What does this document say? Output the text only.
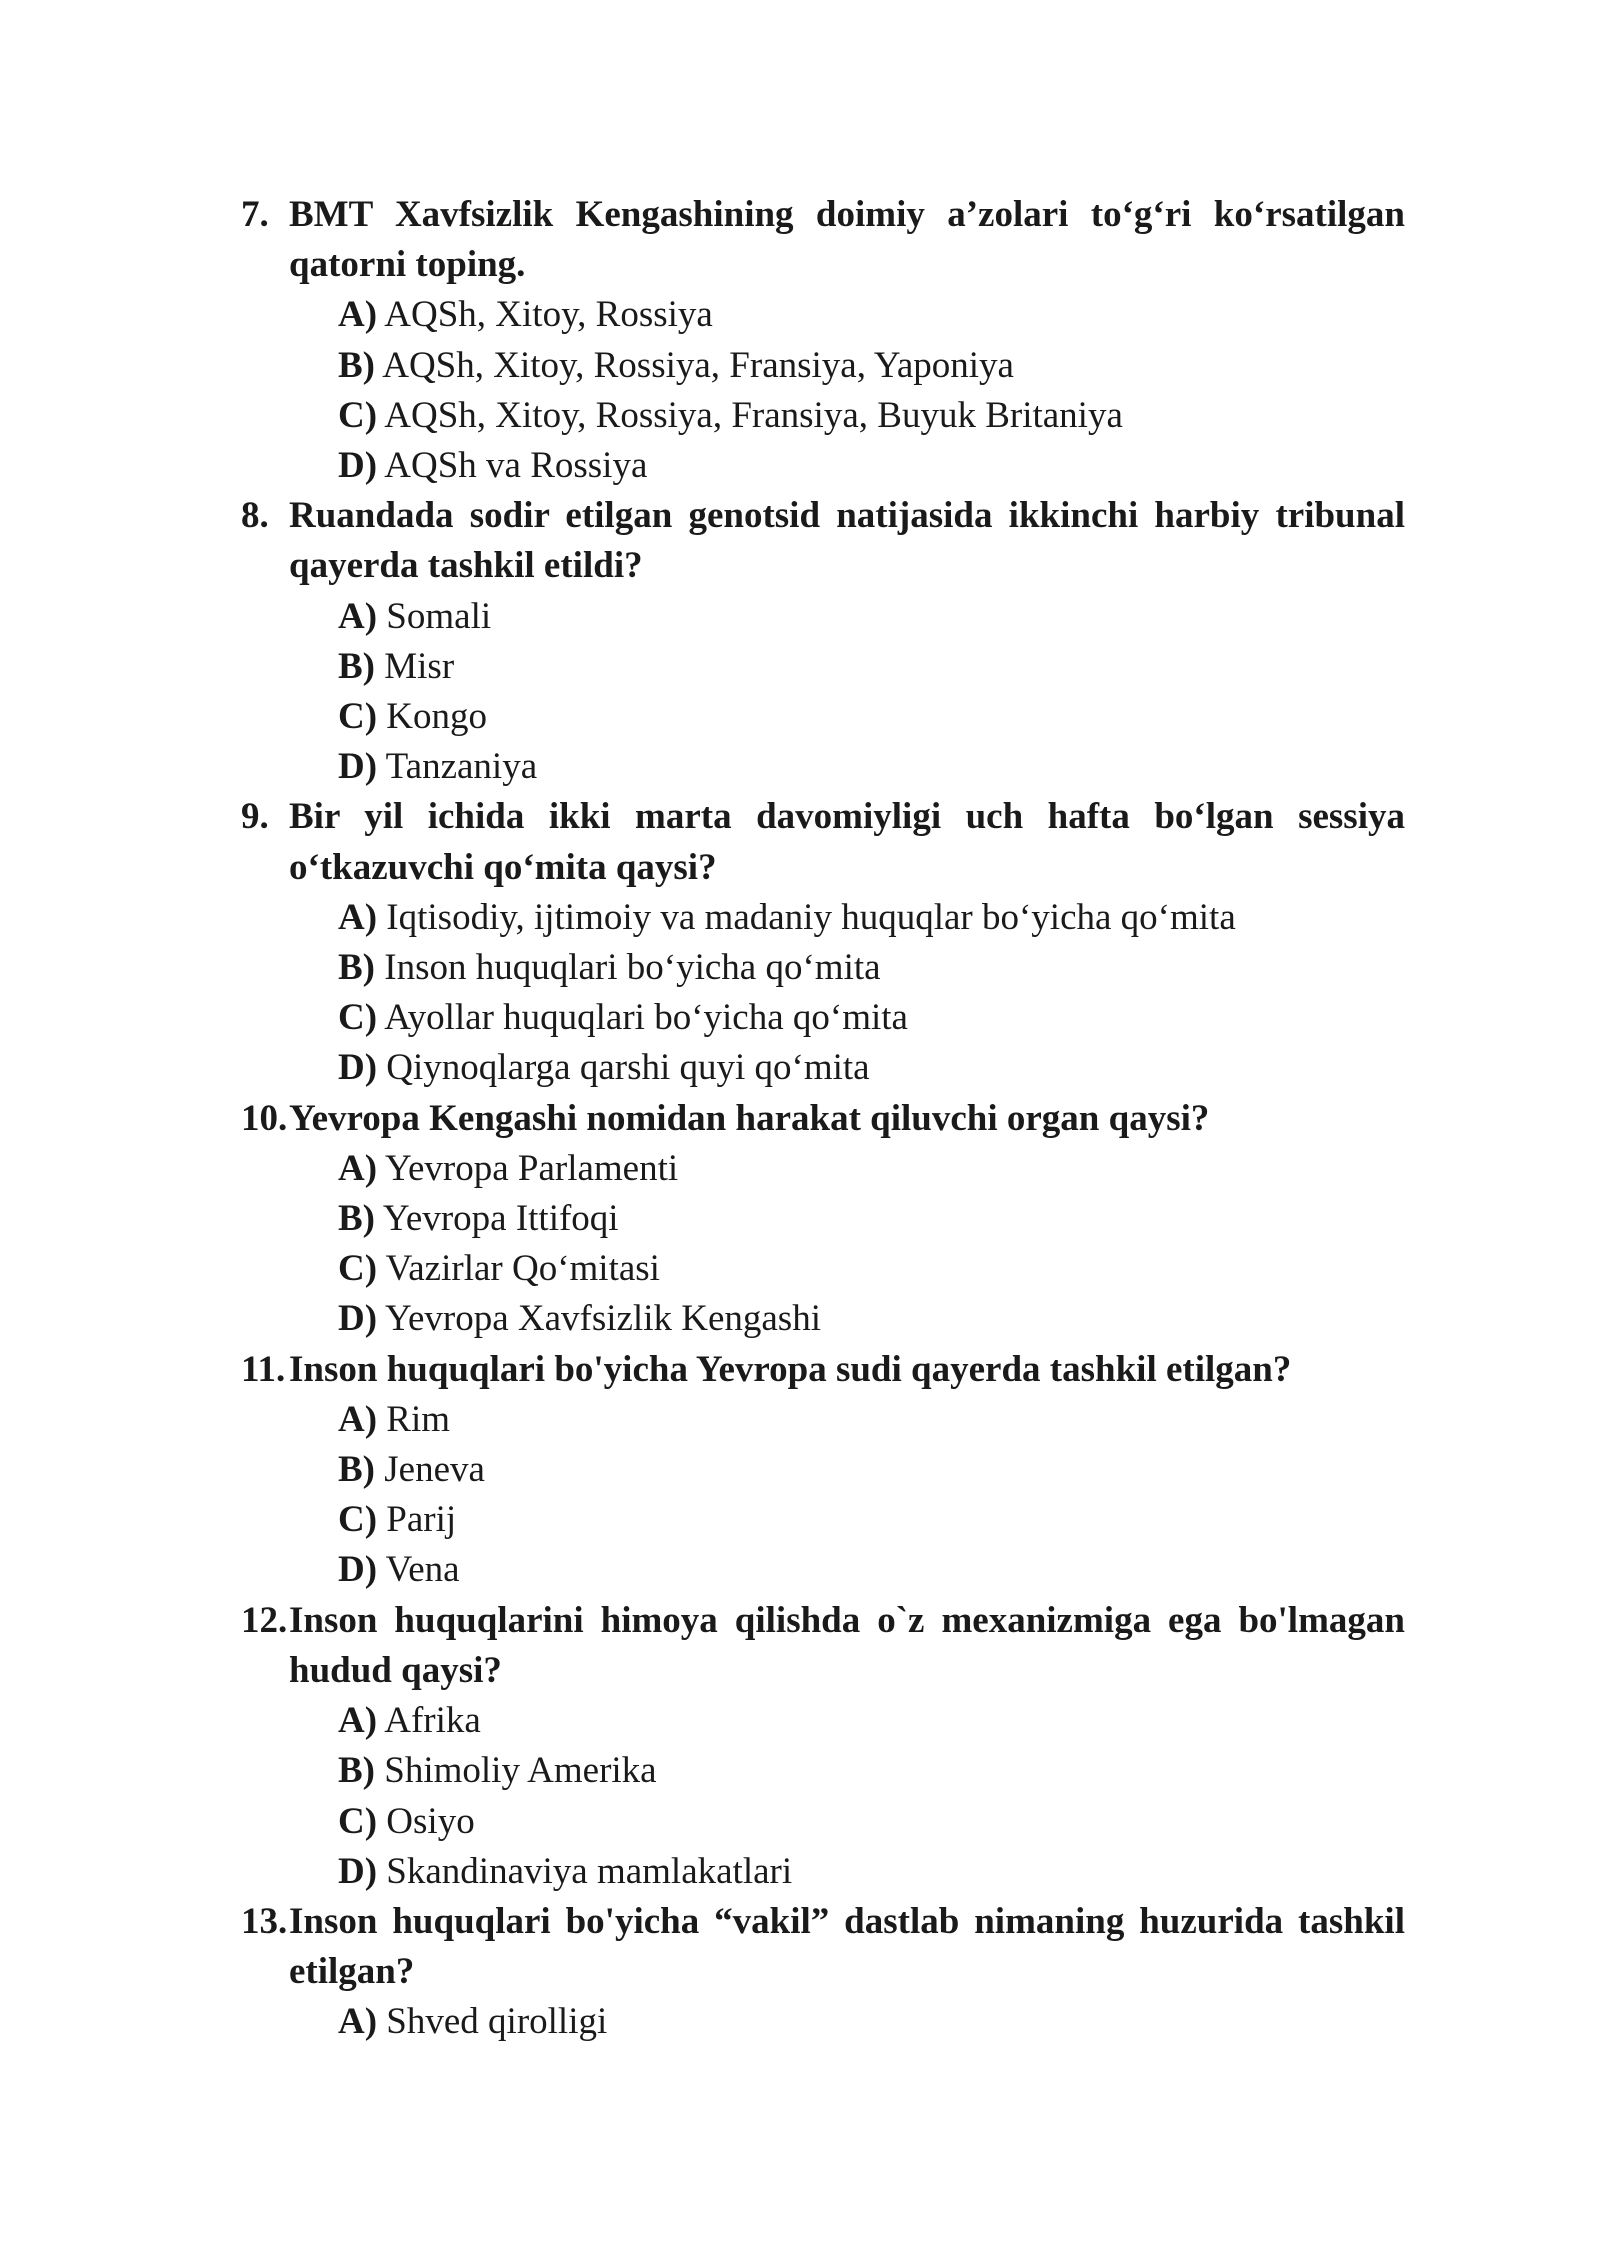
7. BMT Xavfsizlik Kengashining doimiy a’zolari to‘g‘ri ko‘rsatilgan qatorni toping.
A) AQSh, Xitoy, Rossiya
B) AQSh, Xitoy, Rossiya, Fransiya, Yaponiya
C) AQSh, Xitoy, Rossiya, Fransiya, Buyuk Britaniya
D) AQSh va Rossiya
8. Ruandada sodir etilgan genotsid natijasida ikkinchi harbiy tribunal qayerda tashkil etildi?
A) Somali
B) Misr
C) Kongo
D) Tanzaniya
9. Bir yil ichida ikki marta davomiyligi uch hafta bo‘lgan sessiya o‘tkazuvchi qo‘mita qaysi?
A) Iqtisodiy, ijtimoiy va madaniy huquqlar bo‘yicha qo‘mita
B) Inson huquqlari bo‘yicha qo‘mita
C) Ayollar huquqlari bo‘yicha qo‘mita
D) Qiynoqlarga qarshi quyi qo‘mita
10. Yevropa Kengashi nomidan harakat qiluvchi organ qaysi?
A) Yevropa Parlamenti
B) Yevropa Ittifoqi
C) Vazirlar Qo‘mitasi
D) Yevropa Xavfsizlik Kengashi
11. Inson huquqlari bo'yicha Yevropa sudi qayerda tashkil etilgan?
A) Rim
B) Jeneva
C) Parij
D) Vena
12. Inson huquqlarini himoya qilishda o`z mexanizmiga ega bo'lmagan hudud qaysi?
A) Afrika
B) Shimoliy Amerika
C) Osiyo
D) Skandinaviya mamlakatlari
13. Inson huquqlari bo'yicha “vakil” dastlab nimaning huzurida tashkil etilgan?
A) Shved qirolligi
